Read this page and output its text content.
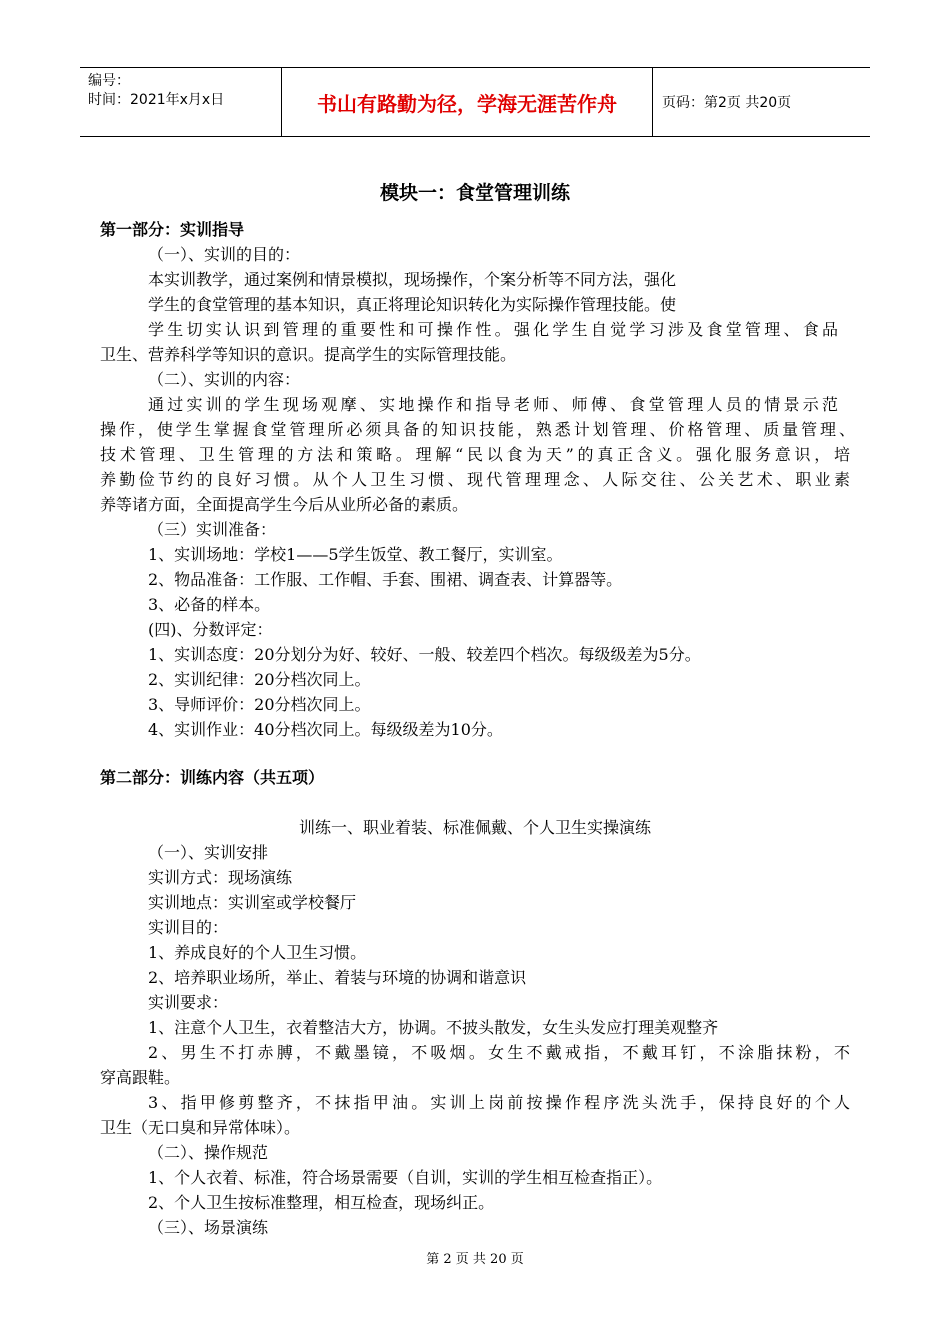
编号：
时间：2021年x月x日	书山有路勤为径，学海无涯苦作舟	页码：第2页 共20页
模块一：食堂管理训练
第一部分：实训指导
（一）、实训的目的：
本实训教学，通过案例和情景模拟，现场操作，个案分析等不同方法，强化
学生的食堂管理的基本知识，真正将理论知识转化为实际操作管理技能。使
学生切实认识到管理的重要性和可操作性。强化学生自觉学习涉及食堂管理、食品
卫生、营养科学等知识的意识。提高学生的实际管理技能。
（二）、实训的内容：
通过实训的学生现场观摩、实地操作和指导老师、师傅、食堂管理人员的情景示范
操作，使学生掌握食堂管理所必须具备的知识技能，熟悉计划管理、价格管理、质量管理、
技术管理、卫生管理的方法和策略。理解“民以食为天”的真正含义。强化服务意识，培
养勤俭节约的良好习惯。从个人卫生习惯、现代管理理念、人际交往、公关艺术、职业素
养等诸方面，全面提高学生今后从业所必备的素质。
（三）实训准备：
1、实训场地：学校1——5学生饭堂、教工餐厅，实训室。
2、物品准备：工作服、工作帽、手套、围裙、调查表、计算器等。
3、必备的样本。
(四)、分数评定：
1、实训态度：20分划分为好、较好、一般、较差四个档次。每级级差为5分。
2、实训纪律：20分档次同上。
3、导师评价：20分档次同上。
4、实训作业：40分档次同上。每级级差为10分。
第二部分：训练内容（共五项）
训练一、职业着装、标准佩戴、个人卫生实操演练
（一）、实训安排
实训方式：现场演练
实训地点：实训室或学校餐厅
实训目的：
1、养成良好的个人卫生习惯。
2、培养职业场所，举止、着装与环境的协调和谐意识
实训要求：
1、注意个人卫生，衣着整洁大方，协调。不披头散发，女生头发应打理美观整齐
2、男生不打赤膊，不戴墨镜，不吸烟。女生不戴戒指，不戴耳钉，不涂脂抹粉，不
穿高跟鞋。
3、指甲修剪整齐，不抹指甲油。实训上岗前按操作程序洗头洗手，保持良好的个人
卫生（无口臭和异常体味）。
（二）、操作规范
1、个人衣着、标准，符合场景需要（自训，实训的学生相互检查指正）。
2、个人卫生按标准整理，相互检查，现场纠正。
（三）、场景演练
第 2 页 共 20 页
